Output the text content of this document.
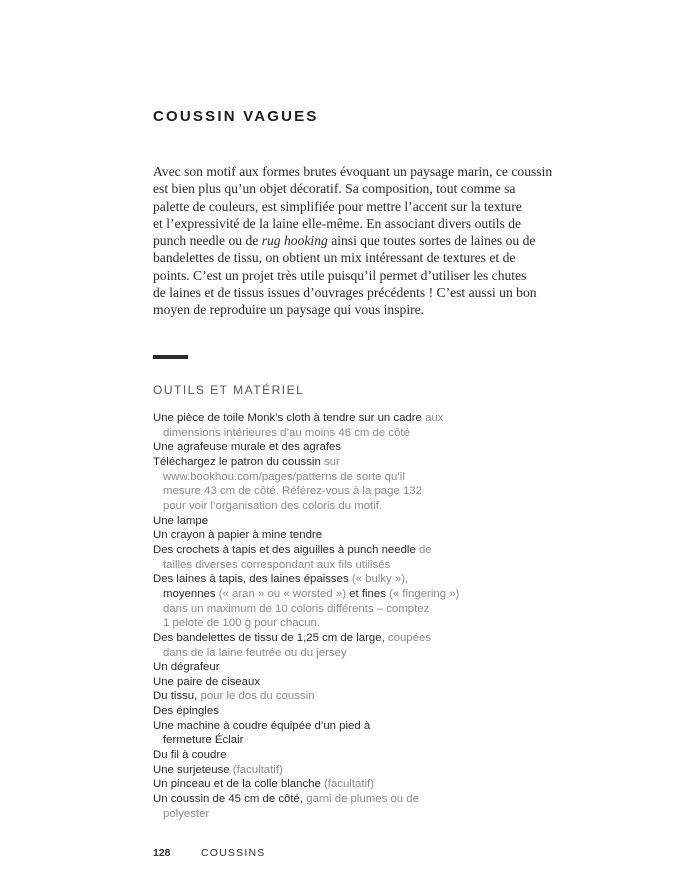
COUSSIN VAGUES
Avec son motif aux formes brutes évoquant un paysage marin, ce coussin
est bien plus qu’un objet décoratif. Sa composition, tout comme sa
palette de couleurs, est simplifiée pour mettre l’accent sur la texture
et l’expressivité de la laine elle-même. En associant divers outils de
punch needle ou de rug hooking ainsi que toutes sortes de laines ou de
bandelettes de tissu, on obtient un mix intéressant de textures et de
points. C’est un projet très utile puisqu’il permet d’utiliser les chutes
de laines et de tissus issues d’ouvrages précédents ! C’est aussi un bon
moyen de reproduire un paysage qui vous inspire.
OUTILS ET MATÉRIEL
Une pièce de toile Monk’s cloth à tendre sur un cadre aux
dimensions intérieures d’au moins 46 cm de côté
Une agrafeuse murale et des agrafes
Téléchargez le patron du coussin sur
www.bookhou.com/pages/patterns de sorte qu’il
mesure 43 cm de côté. Référez-vous à la page 132
pour voir l’organisation des coloris du motif.
Une lampe
Un crayon à papier à mine tendre
Des crochets à tapis et des aiguilles à punch needle de
tailles diverses correspondant aux fils utilisés
Des laines à tapis, des laines épaisses (« bulky »),
moyennes (« aran » ou « worsted ») et fines (« fingering »)
dans un maximum de 10 coloris différents – comptez
1 pelote de 100 g pour chacun.
Des bandelettes de tissu de 1,25 cm de large, coupées
dans de la laine feutrée ou du jersey
Un dégrafeur
Une paire de ciseaux
Du tissu, pour le dos du coussin
Des épingles
Une machine à coudre équipée d’un pied à
fermeture Éclair
Du fil à coudre
Une surjeteuse (facultatif)
Un pinceau et de la colle blanche (facultatif)
Un coussin de 45 cm de côté, garni de plumes ou de
polyester
128	COUSSINS
